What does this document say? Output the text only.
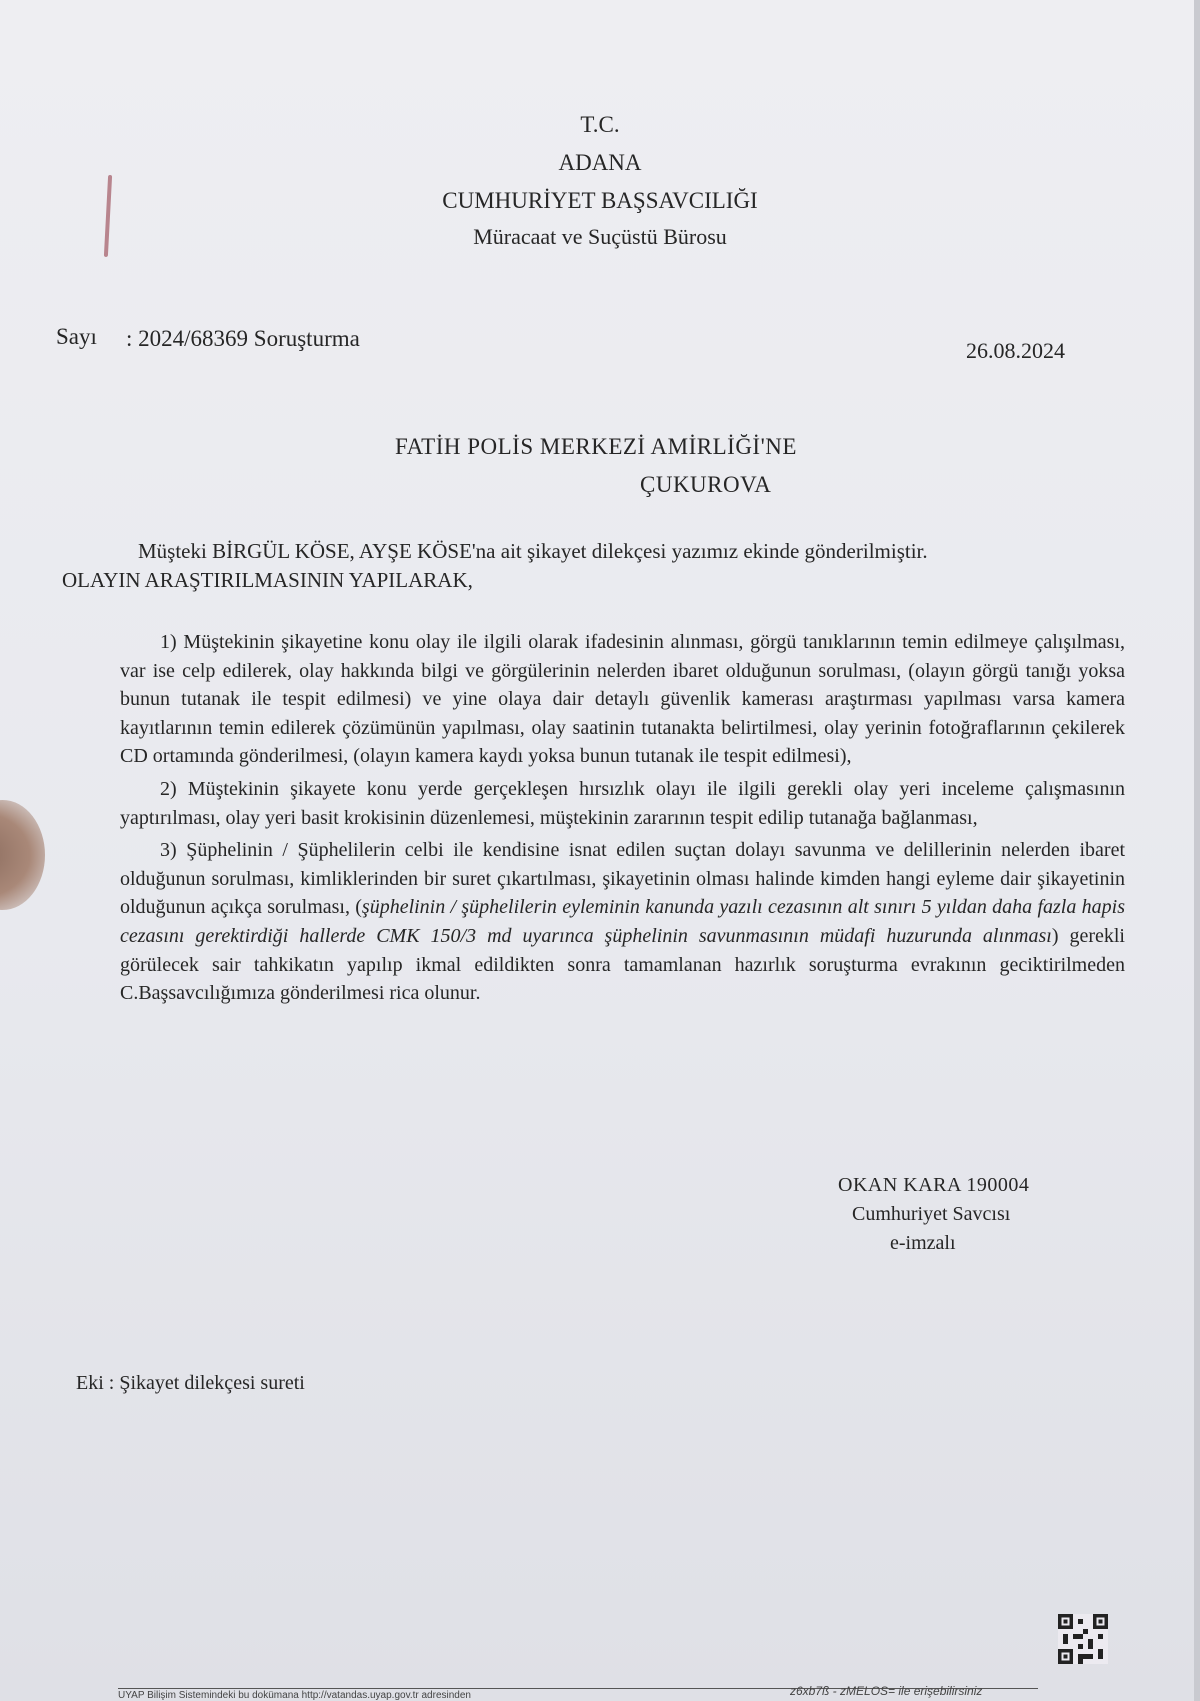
T.C.
ADANA
CUMHURİYET BAŞSAVCILIĞI
Müracaat ve Suçüstü Bürosu
Sayı : 2024/68369 Soruşturma	26.08.2024
FATİH POLİS MERKEZİ AMİRLİĞİ'NE
ÇUKUROVA
Müşteki BİRGÜL KÖSE, AYŞE KÖSE'na ait şikayet dilekçesi yazımız ekinde gönderilmiştir.
OLAYIN ARAŞTIRILMASININ YAPILARAK,

1) Müştekinin şikayetine konu olay ile ilgili olarak ifadesinin alınması, görgü tanıklarının temin edilmeye çalışılması, var ise celp edilerek, olay hakkında bilgi ve görgülerinin nelerden ibaret olduğunun sorulması, (olayın görgü tanığı yoksa bunun tutanak ile tespit edilmesi) ve yine olaya dair detaylı güvenlik kamerası araştırması yapılması varsa kamera kayıtlarının temin edilerek çözümünün yapılması, olay saatinin tutanakta belirtilmesi, olay yerinin fotoğraflarının çekilerek CD ortamında gönderilmesi, (olayın kamera kaydı yoksa bunun tutanak ile tespit edilmesi),

2) Müştekinin şikayete konu yerde gerçekleşen hırsızlık olayı ile ilgili gerekli olay yeri inceleme çalışmasının yaptırılması, olay yeri basit krokisinin düzenlemesi, müştekinin zararının tespit edilip tutanağa bağlanması,

3) Şüphelinin / Şüphelilerin celbi ile kendisine isnat edilen suçtan dolayı savunma ve delillerinin nelerden ibaret olduğunun sorulması, kimliklerinden bir suret çıkartılması, şikayetinin olması halinde kimden hangi eyleme dair şikayetinin olduğunun açıkça sorulması, (şüphelinin / şüphelilerin eyleminin kanunda yazılı cezasının alt sınırı 5 yıldan daha fazla hapis cezasını gerektirdiği hallerde CMK 150/3 md uyarınca şüphelinin savunmasının müdafi huzurunda alınması) gerekli görülecek sair tahkikatın yapılıp ikmal edildikten sonra tamamlanan hazırlık soruşturma evrakının geciktirilmeden C.Başsavcılığımıza gönderilmesi rica olunur.

OKAN KARA 190004
Cumhuriyet Savcısı
e-imzalı
Eki : Şikayet dilekçesi sureti
UYAP Bilişim Sistemindeki bu dokümana http://vatandas.uyap.gov.tr adresinden	z6xb7ß - zMELOS= ile erişebilirsiniz
